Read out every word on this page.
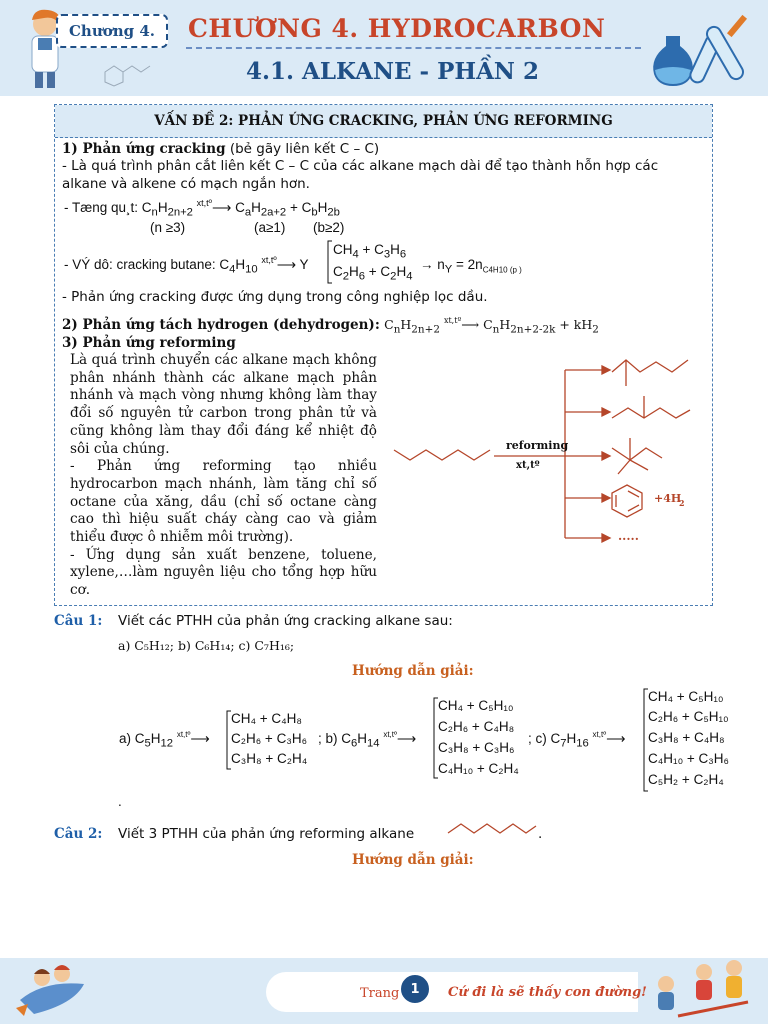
Chương 4.	CHƯƠNG 4. HYDROCARBON
4.1. ALKANE - PHẦN 2
VẤN ĐỀ 2: PHẢN ỨNG CRACKING, PHẢN ỨNG REFORMING
1) Phản ứng cracking (bẻ gãy liên kết C – C)
- Là quá trình phân cắt liên kết C – C của các alkane mạch dài để tạo thành hỗn hợp các
alkane và alkene có mạch ngắn hơn.
- Tæng qu¸t: $C_nH_{2n+2}$ $^{xt,tº}$⟶ $C_aH_{2a+2} + C_bH_{2b}$
(n ≥3)	(a≥1) (b≥2)
- VÝ dô: cracking butane: $C_4H_{10}$ $^{xt,tº}$⟶ Y
$CH_4 + C_3H_6$
$C_2H_6 + C_2H_4$
→ $n_Y = 2n_{C4H10 (p )}$
- Phản ứng cracking được ứng dụng trong công nghiệp lọc dầu.
2) Phản ứng tách hydrogen (dehydrogen): $C_nH_{2n+2}$ $^{xt,tº}$⟶ $C_nH_{2n+2-2k} + kH_2$
3) Phản ứng reforming

Là quá trình chuyển các alkane mạch không phân nhánh thành các alkane mạch phân nhánh và mạch vòng nhưng không làm thay đổi số nguyên tử carbon trong phân tử và cũng không làm thay đổi đáng kể nhiệt độ sôi của chúng.

- Phản ứng reforming tạo nhiều hydrocarbon mạch nhánh, làm tăng chỉ số octane của xăng, dầu (chỉ số octane càng cao thì hiệu suất cháy càng cao và giảm thiểu được ô nhiễm môi trường).

- Ứng dụng sản xuất benzene, toluene, xylene,…làm nguyên liệu cho tổng hợp hữu cơ.

reforming
xt,tº
+4H
2
.....
Câu 1: Viết các PTHH của phản ứng cracking alkane sau:
a) C₅H₁₂; b) C₆H₁₄; c) C₇H₁₆;
Hướng dẫn giải:
a) $C_5H_{12}$ $^{xt,tº}$⟶
CH₄ + C₄H₈
C₂H₆ + C₃H₆
C₃H₈ + C₂H₄
; b) $C_6H_{14}$ $^{xt,tº}$⟶
CH₄ + C₅H₁₀
C₂H₆ + C₄H₈
C₃H₈ + C₃H₆
C₄H₁₀ + C₂H₄
; c) $C_7H_{16}$ $^{xt,tº}$⟶
CH₄ + C₅H₁₀
C₂H₆ + C₅H₁₀
C₃H₈ + C₄H₈
C₄H₁₀ + C₃H₆
C₅H₂ + C₂H₄
.
Câu 2: Viết 3 PTHH của phản ứng reforming alkane	.
Hướng dẫn giải:
Trang 1	Cứ đi là sẽ thấy con đường!
